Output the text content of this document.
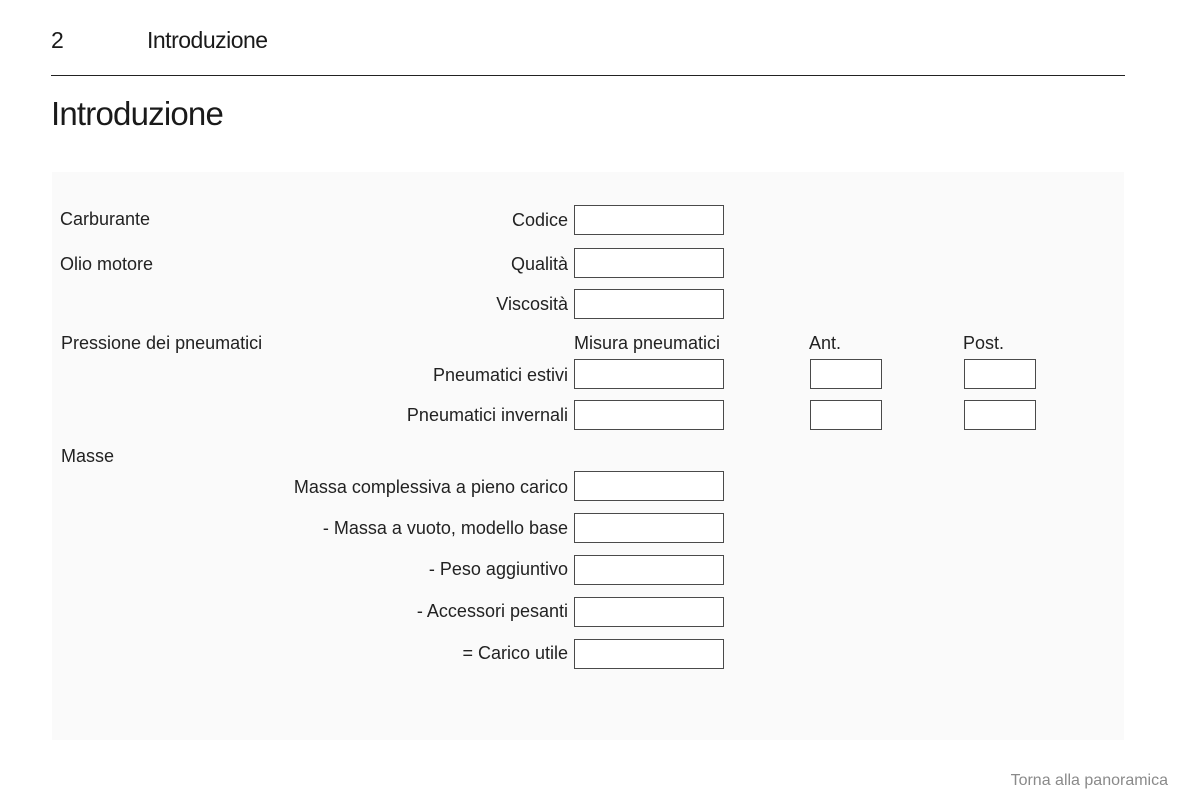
2	Introduzione
Introduzione
Carburante	Codice
Olio motore	Qualità
Viscosità
Pressione dei pneumatici	Misura pneumatici	Ant.	Post.
Pneumatici estivi
Pneumatici invernali
Masse
Massa complessiva a pieno carico
- Massa a vuoto, modello base
- Peso aggiuntivo
- Accessori pesanti
= Carico utile
Torna alla panoramica
